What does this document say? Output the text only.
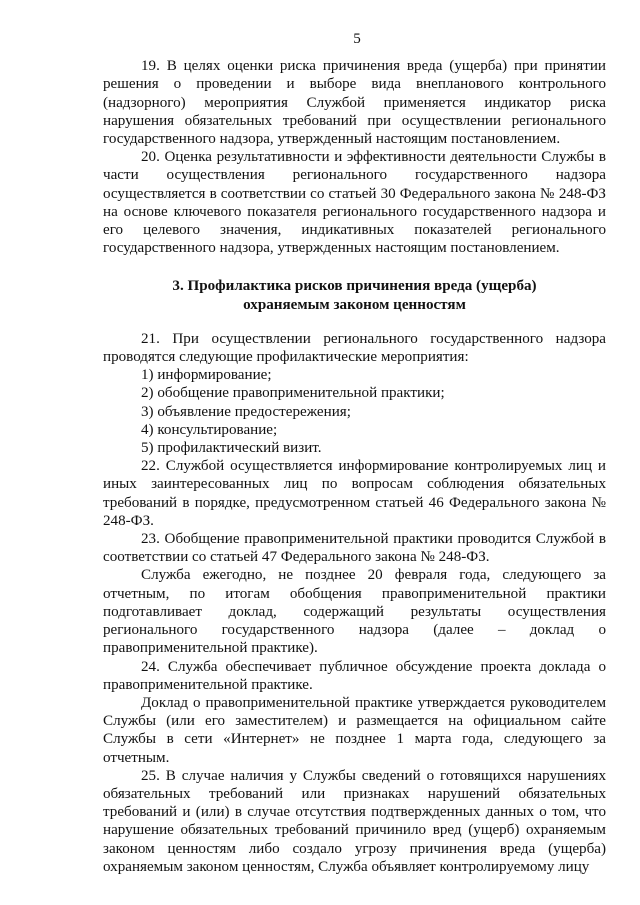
5

19. В целях оценки риска причинения вреда (ущерба) при принятии решения о проведении и выборе вида внепланового контрольного (надзорного) мероприятия Службой применяется индикатор риска нарушения обязательных требований при осуществлении регионального государственного надзора, утвержденный настоящим постановлением.

20. Оценка результативности и эффективности деятельности Службы в части осуществления регионального государственного надзора осуществляется в соответствии со статьей 30 Федерального закона № 248-ФЗ на основе ключевого показателя регионального государственного надзора и его целевого значения, индикативных показателей регионального государственного надзора, утвержденных настоящим постановлением.

3. Профилактика рисков причинения вреда (ущерба)
охраняемым законом ценностям

21. При осуществлении регионального государственного надзора проводятся следующие профилактические мероприятия:

1) информирование;

2) обобщение правоприменительной практики;

3) объявление предостережения;

4) консультирование;

5) профилактический визит.

22. Службой осуществляется информирование контролируемых лиц и иных заинтересованных лиц по вопросам соблюдения обязательных требований в порядке, предусмотренном статьей 46 Федерального закона № 248-ФЗ.

23. Обобщение правоприменительной практики проводится Службой в соответствии со статьей 47 Федерального закона № 248-ФЗ.

Служба ежегодно, не позднее 20 февраля года, следующего за отчетным, по итогам обобщения правоприменительной практики подготавливает доклад, содержащий результаты осуществления регионального государственного надзора (далее – доклад о правоприменительной практике).

24. Служба обеспечивает публичное обсуждение проекта доклада о правоприменительной практике.

Доклад о правоприменительной практике утверждается руководителем Службы (или его заместителем) и размещается на официальном сайте Службы в сети «Интернет» не позднее 1 марта года, следующего за отчетным.

25. В случае наличия у Службы сведений о готовящихся нарушениях обязательных требований или признаках нарушений обязательных требований и (или) в случае отсутствия подтвержденных данных о том, что нарушение обязательных требований причинило вред (ущерб) охраняемым законом ценностям либо создало угрозу причинения вреда (ущерба) охраняемым законом ценностям, Служба объявляет контролируемому лицу
